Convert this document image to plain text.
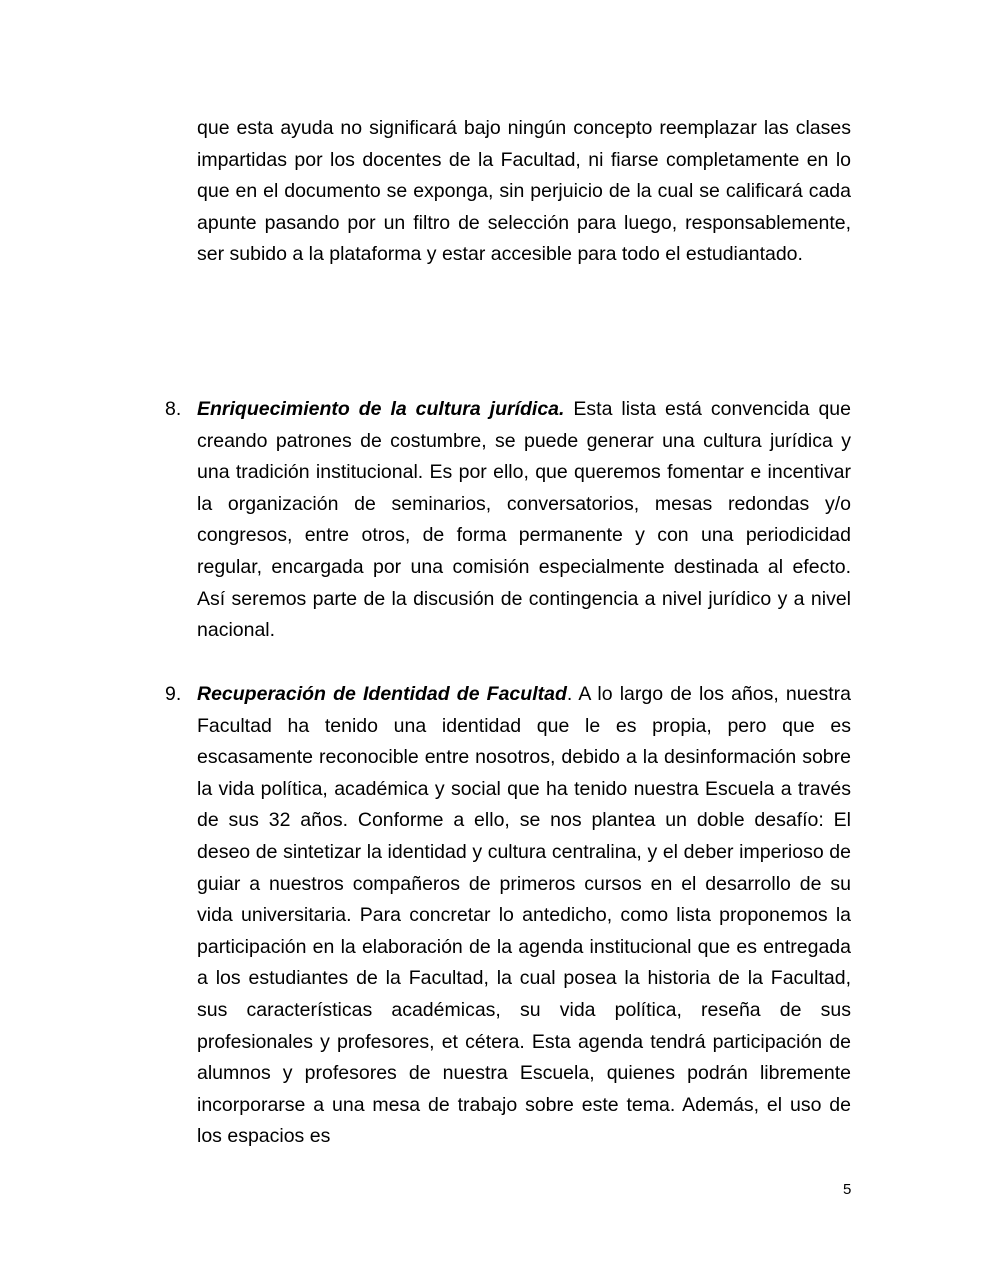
que esta ayuda no significará bajo ningún concepto reemplazar las clases impartidas por los docentes de la Facultad, ni fiarse completamente en lo que en el documento se exponga, sin perjuicio de la cual se calificará cada apunte pasando por un filtro de selección para luego, responsablemente, ser subido a la plataforma y estar accesible para todo el estudiantado.
8. Enriquecimiento de la cultura jurídica. Esta lista está convencida que creando patrones de costumbre, se puede generar una cultura jurídica y una tradición institucional. Es por ello, que queremos fomentar e incentivar la organización de seminarios, conversatorios, mesas redondas y/o congresos, entre otros, de forma permanente y con una periodicidad regular, encargada por una comisión especialmente destinada al efecto. Así seremos parte de la discusión de contingencia a nivel jurídico y a nivel nacional.
9. Recuperación de Identidad de Facultad. A lo largo de los años, nuestra Facultad ha tenido una identidad que le es propia, pero que es escasamente reconocible entre nosotros, debido a la desinformación sobre la vida política, académica y social que ha tenido nuestra Escuela a través de sus 32 años. Conforme a ello, se nos plantea un doble desafío: El deseo de sintetizar la identidad y cultura centralina, y el deber imperioso de guiar a nuestros compañeros de primeros cursos en el desarrollo de su vida universitaria. Para concretar lo antedicho, como lista proponemos la participación en la elaboración de la agenda institucional que es entregada a los estudiantes de la Facultad, la cual posea la historia de la Facultad, sus características académicas, su vida política, reseña de sus profesionales y profesores, et cétera. Esta agenda tendrá participación de alumnos y profesores de nuestra Escuela, quienes podrán libremente incorporarse a una mesa de trabajo sobre este tema. Además, el uso de los espacios es
5
